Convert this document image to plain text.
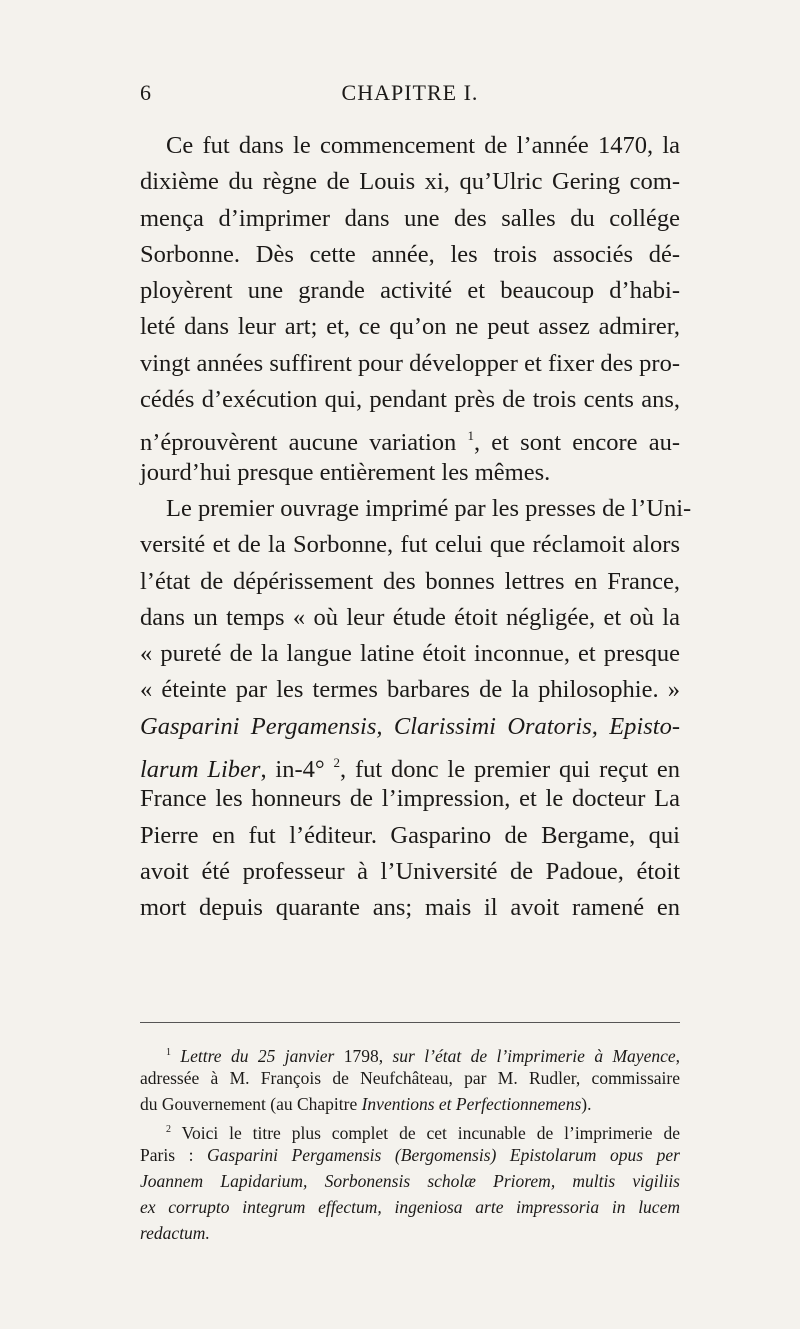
6	CHAPITRE I.
Ce fut dans le commencement de l’année 1470, la
dixième du règne de Louis xi, qu’Ulric Gering com-
mença d’imprimer dans une des salles du collége
Sorbonne. Dès cette année, les trois associés dé-
ployèrent une grande activité et beaucoup d’habi-
leté dans leur art; et, ce qu’on ne peut assez admirer,
vingt années suffirent pour développer et fixer des pro-
cédés d’exécution qui, pendant près de trois cents ans,
n’éprouvèrent aucune variation $^1$, et sont encore au-
jourd’hui presque entièrement les mêmes.
Le premier ouvrage imprimé par les presses de l’Uni-
versité et de la Sorbonne, fut celui que réclamoit alors
l’état de dépérissement des bonnes lettres en France,
dans un temps « où leur étude étoit négligée, et où la
« pureté de la langue latine étoit inconnue, et presque
« éteinte par les termes barbares de la philosophie. »
Gasparini Pergamensis, Clarissimi Oratoris, Episto-
larum Liber, in-4° $^2$, fut donc le premier qui reçut en
France les honneurs de l’impression, et le docteur La
Pierre en fut l’éditeur. Gasparino de Bergame, qui
avoit été professeur à l’Université de Padoue, étoit
mort depuis quarante ans; mais il avoit ramené en
$^1$ Lettre du 25 janvier 1798, sur l’état de l’imprimerie à Mayence,
adressée à M. François de Neufchâteau, par M. Rudler, commissaire
du Gouvernement (au Chapitre Inventions et Perfectionnemens).
$^2$ Voici le titre plus complet de cet incunable de l’imprimerie de
Paris : Gasparini Pergamensis (Bergomensis) Epistolarum opus per
Joannem Lapidarium, Sorbonensis scholæ Priorem, multis vigiliis
ex corrupto integrum effectum, ingeniosa arte impressoria in lucem
redactum.
